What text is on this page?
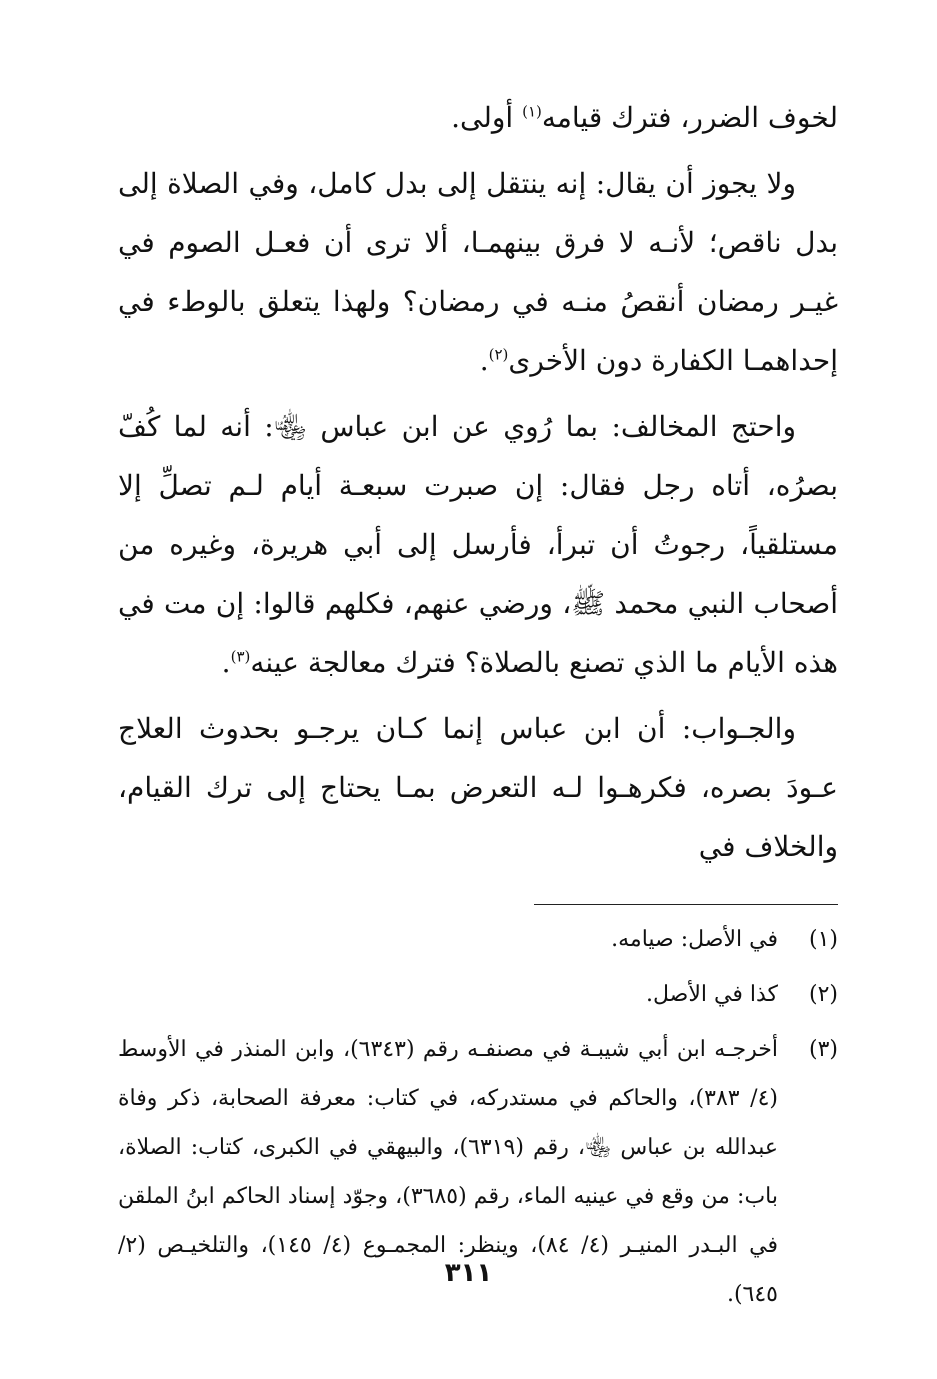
لخوف الضرر، فترك قيامه$^{(١)}$ أولى.

ولا يجوز أن يقال: إنه ينتقل إلى بدل كامل، وفي الصلاة إلى بدل ناقص؛ لأنـه لا فرق بينهمـا، ألا ترى أن فعـل الصوم في غيـر رمضان أنقصُ منـه في رمضان؟ ولهذا يتعلق بالوطء في إحداهمـا الكفارة دون الأخرى$^{(٢)}$.

واحتج المخالف: بما رُوي عن ابن عباس ﵄: أنه لما كُفّ بصرُه، أتاه رجل فقال: إن صبرت سبعـة أيام لـم تصلِّ إلا مستلقياً، رجوتُ أن تبرأ، فأرسل إلى أبي هريرة، وغيره من أصحاب النبي محمد ﷺ، ورضي عنهم، فكلهم قالوا: إن مت في هذه الأيام ما الذي تصنع بالصلاة؟ فترك معالجة عينه$^{(٣)}$.

والجـواب: أن ابن عباس إنما كـان يرجـو بحدوث العلاج عـودَ بصره، فكرهـوا لـه التعرض بمـا يحتاج إلى ترك القيام، والخلاف في

(١)
في الأصل: صيامه.
(٢)
كذا في الأصل.
(٣)
أخرجـه ابن أبي شيبـة في مصنفـه رقم (٦٣٤٣)، وابن المنذر في الأوسط (٤/ ٣٨٣)، والحاكم في مستدركه، في كتاب: معرفة الصحابة، ذكر وفاة عبدالله بن عباس ﵄، رقم (٦٣١٩)، والبيهقي في الكبرى، كتاب: الصلاة، باب: من وقع في عينيه الماء، رقم (٣٦٨٥)، وجوّد إسناد الحاكم ابنُ الملقن في البـدر المنيـر (٤/ ٨٤)، وينظر: المجمـوع (٤/ ١٤٥)، والتلخيـص (٢/ ٦٤٥).
٣١١
